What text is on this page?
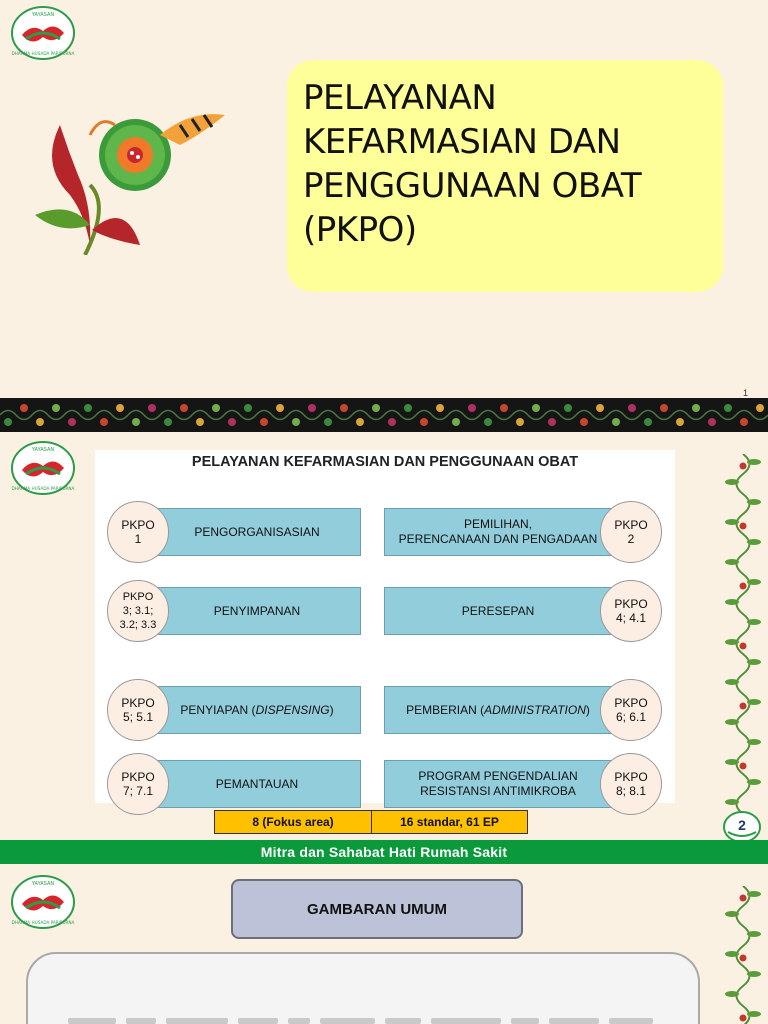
YAYASAN
DHARMA HUSADA PARIPURNA
PELAYANAN KEFARMASIAN DAN PENGGUNAAN OBAT (PKPO)
1
YAYASAN
DHARMA HUSADA PARIPURNA
PELAYANAN KEFARMASIAN DAN PENGGUNAAN OBAT
PENGORGANISASIAN
PKPO
1
PENYIMPANAN
PKPO
3; 3.1;
3.2; 3.3
PENYIAPAN (DISPENSING)
PKPO
5; 5.1
PEMANTAUAN
PKPO
7; 7.1
PEMILIHAN,
PERENCANAAN DAN PENGADAAN
PKPO
2
PERESEPAN	PKPO
4; 4.1
PEMBERIAN (ADMINISTRATION)	PKPO
6; 6.1
PROGRAM PENGENDALIAN
RESISTANSI ANTIMIKROBA
PKPO
8; 8.1
8 (Fokus area)	16 standar, 61 EP	2
Mitra dan Sahabat Hati Rumah Sakit
YAYASAN
DHARMA HUSADA PARIPURNA
GAMBARAN UMUM
